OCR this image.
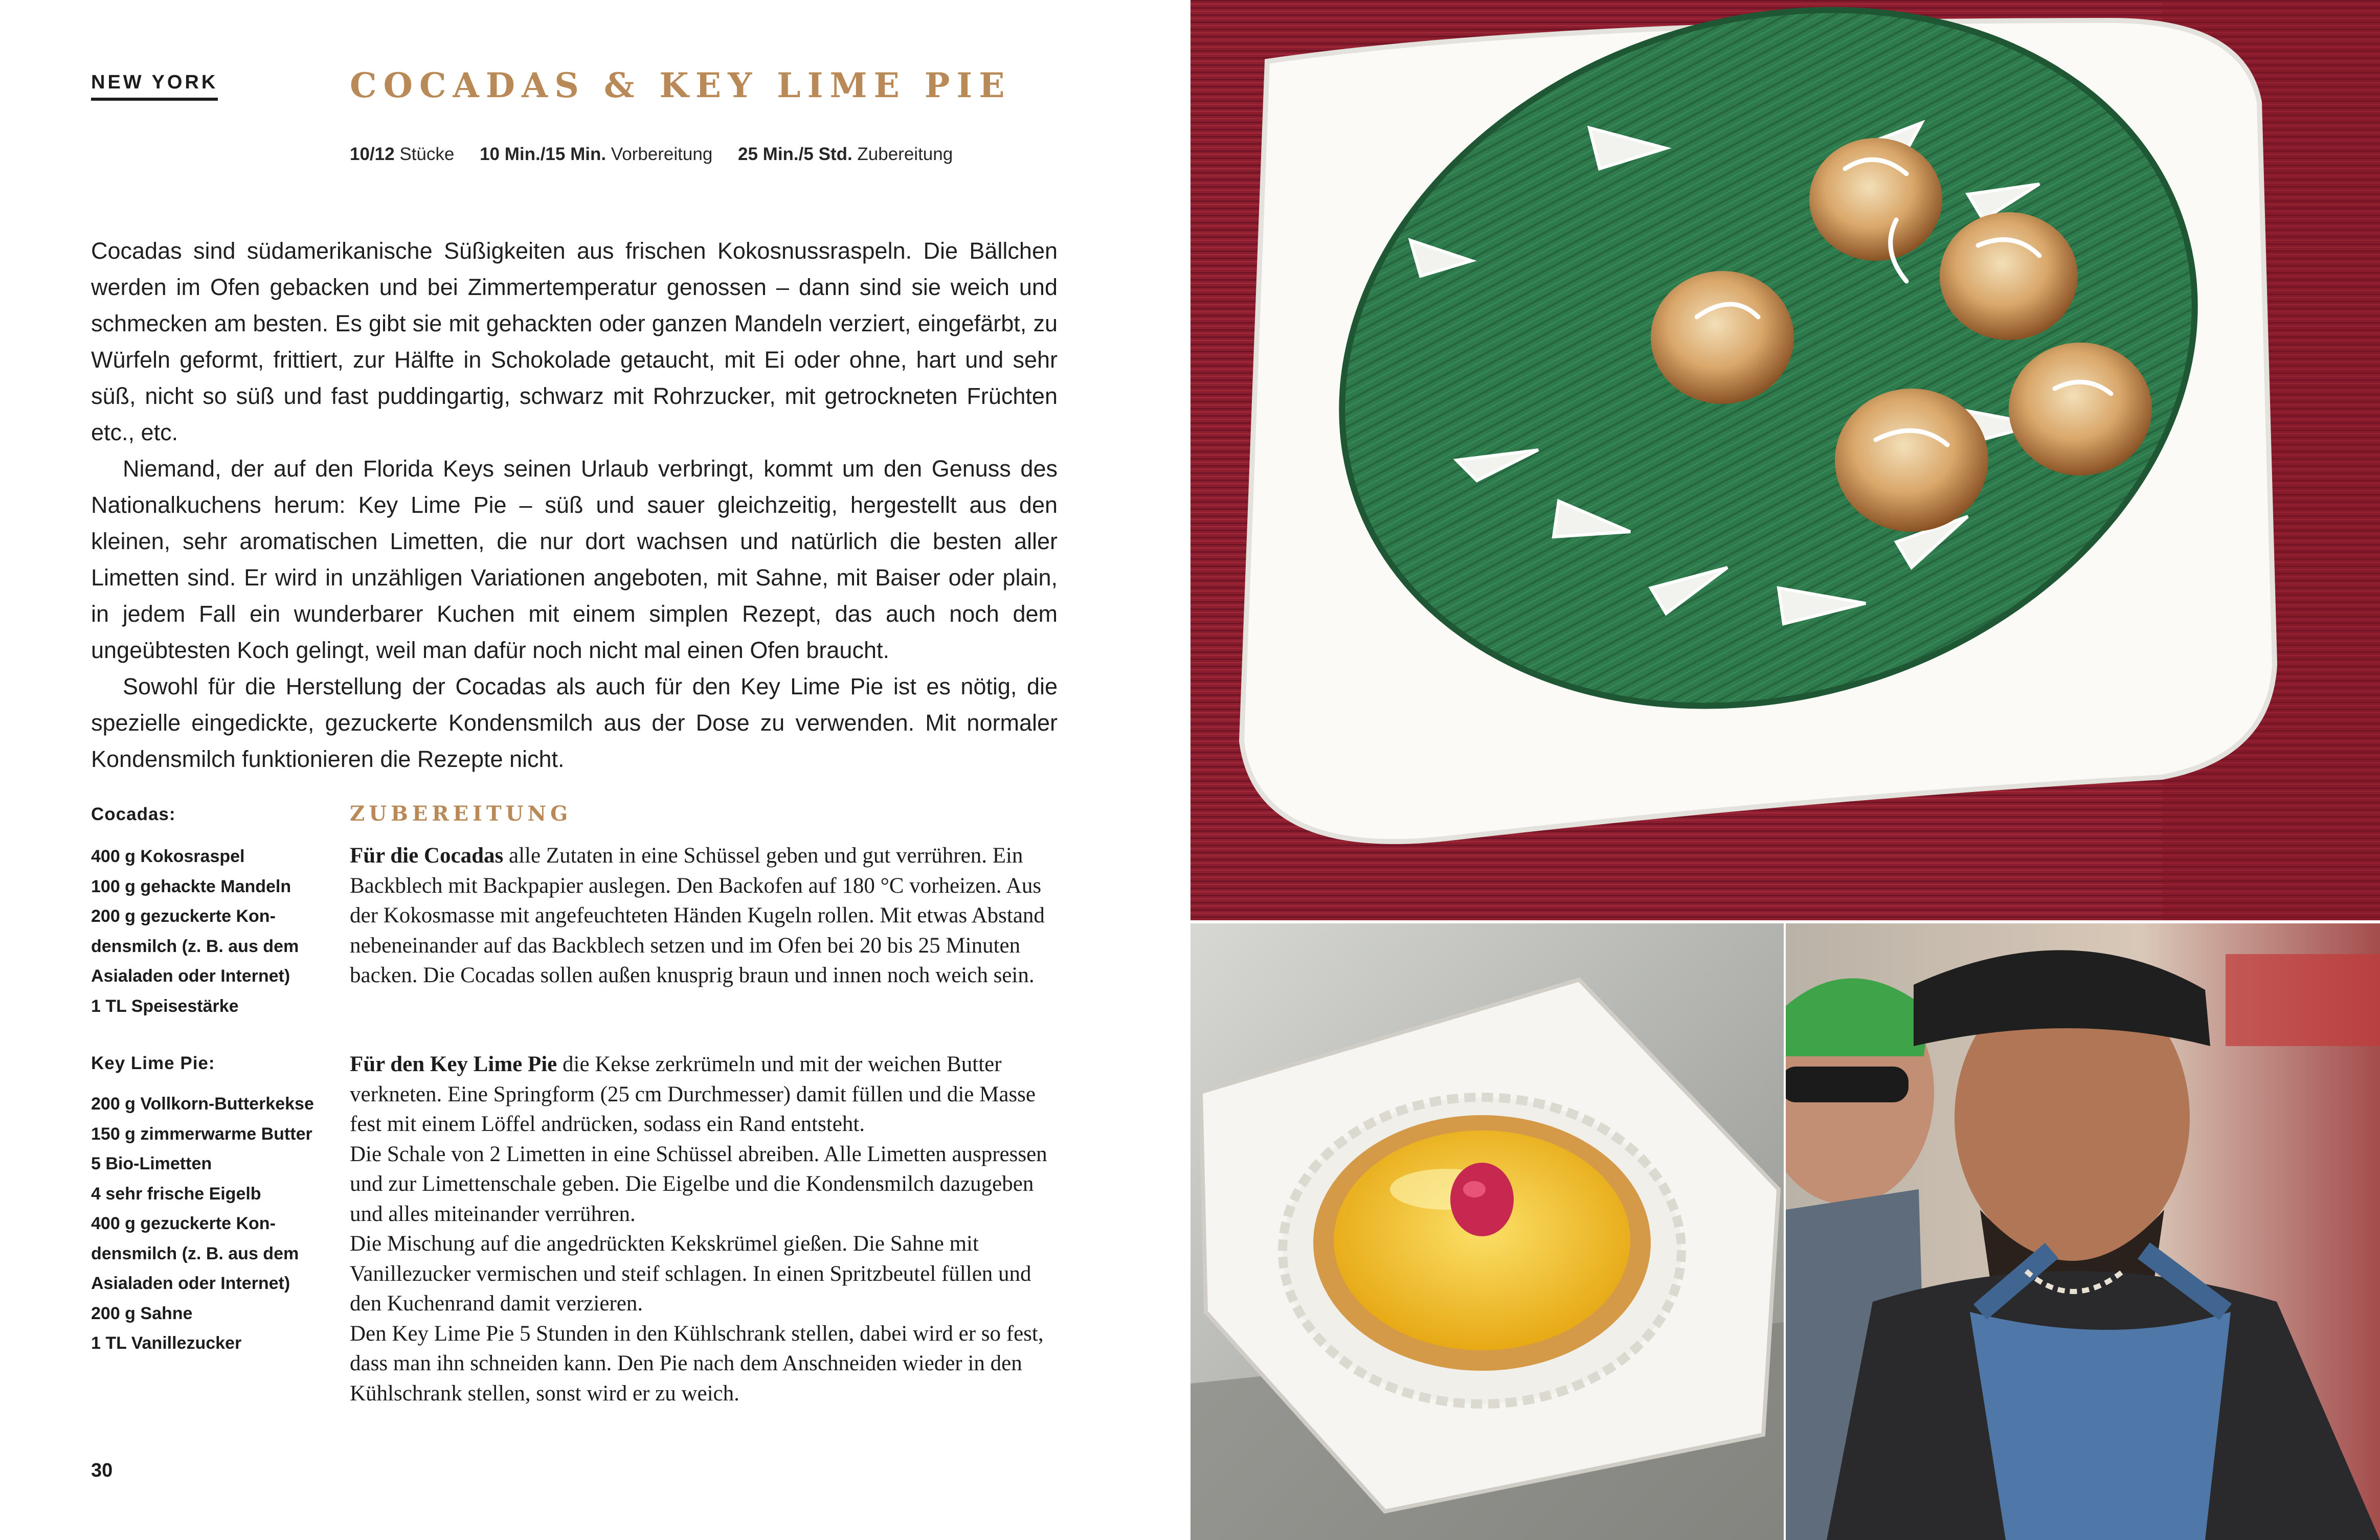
NEW YORK	COCADAS & KEY LIME PIE
10/12 Stücke 10 Min./15 Min. Vorbereitung 25 Min./5 Std. Zubereitung

Cocadas sind südamerikanische Süßigkeiten aus frischen Kokosnussraspeln. Die Bällchen werden im Ofen gebacken und bei Zimmertemperatur genossen – dann sind sie weich und schmecken am besten. Es gibt sie mit gehackten oder ganzen Mandeln verziert, eingefärbt, zu Würfeln geformt, frittiert, zur Hälfte in Schokolade getaucht, mit Ei oder ohne, hart und sehr süß, nicht so süß und fast puddingartig, schwarz mit Rohrzucker, mit getrockneten Früchten etc., etc.

Niemand, der auf den Florida Keys seinen Urlaub verbringt, kommt um den Genuss des Nationalkuchens herum: Key Lime Pie – süß und sauer gleichzeitig, hergestellt aus den kleinen, sehr aromatischen Limetten, die nur dort wachsen und natürlich die besten aller Limetten sind. Er wird in unzähligen Variationen angeboten, mit Sahne, mit Baiser oder plain, in jedem Fall ein wunderbarer Kuchen mit einem simplen Rezept, das auch noch dem ungeübtesten Koch gelingt, weil man dafür noch nicht mal einen Ofen braucht.

Sowohl für die Herstellung der Cocadas als auch für den Key Lime Pie ist es nötig, die spezielle eingedickte, gezuckerte Kondensmilch aus der Dose zu verwenden. Mit normaler Kondensmilch funktionieren die Rezepte nicht.

Cocadas:
400 g Kokosraspel
100 g gehackte Mandeln
200 g gezuckerte Kon-
densmilch (z. B. aus dem
Asialaden oder Internet)
1 TL Speisestärke
Key Lime Pie:
200 g Vollkorn-Butterkekse
150 g zimmerwarme Butter
5 Bio-Limetten
4 sehr frische Eigelb
400 g gezuckerte Kon-
densmilch (z. B. aus dem
Asialaden oder Internet)
200 g Sahne
1 TL Vanillezucker
ZUBEREITUNG

Für die Cocadas alle Zutaten in eine Schüssel geben und gut verrühren. Ein Backblech mit Backpapier auslegen. Den Backofen auf 180 °C vorheizen. Aus der Kokosmasse mit angefeuchteten Händen Kugeln rollen. Mit etwas Abstand nebeneinander auf das Backblech setzen und im Ofen bei 20 bis 25 Minuten backen. Die Cocadas sollen außen knusprig braun und innen noch weich sein.

Für den Key Lime Pie die Kekse zerkrümeln und mit der weichen Butter verkneten. Eine Springform (25 cm Durchmesser) damit füllen und die Masse fest mit einem Löffel andrücken, sodass ein Rand entsteht.

Die Schale von 2 Limetten in eine Schüssel abreiben. Alle Limetten auspressen und zur Limettenschale geben. Die Eigelbe und die Kondensmilch dazugeben und alles miteinander verrühren.

Die Mischung auf die angedrückten Kekskrümel gießen. Die Sahne mit Vanillezucker vermischen und steif schlagen. In einen Spritzbeutel füllen und den Kuchenrand damit verzieren.

Den Key Lime Pie 5 Stunden in den Kühlschrank stellen, dabei wird er so fest, dass man ihn schneiden kann. Den Pie nach dem Anschneiden wieder in den Kühlschrank stellen, sonst wird er zu weich.

30
